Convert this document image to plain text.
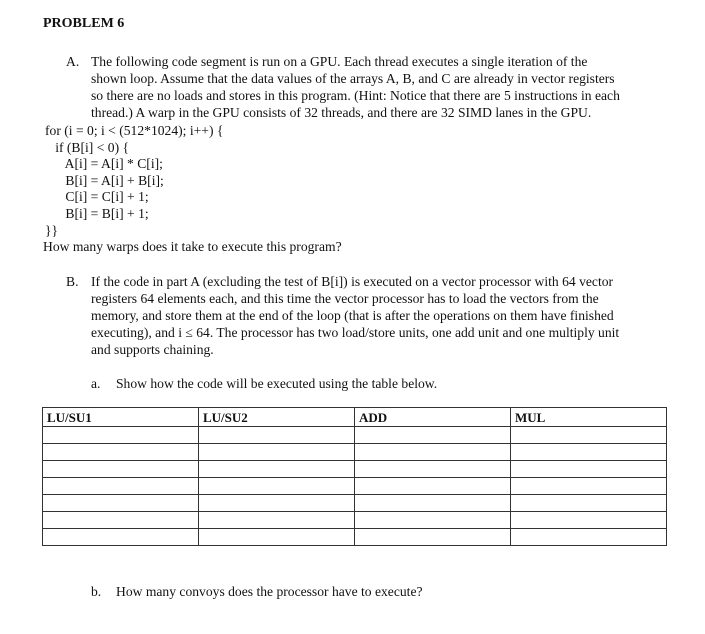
PROBLEM 6
A. The following code segment is run on a GPU. Each thread executes a single iteration of the
shown loop. Assume that the data values of the arrays A, B, and C are already in vector registers
so there are no loads and stores in this program. (Hint: Notice that there are 5 instructions in each
thread.) A warp in the GPU consists of 32 threads, and there are 32 SIMD lanes in the GPU.
for (i = 0; i < (512*1024); i++) {
if (B[i] < 0) {
A[i] = A[i] * C[i];
B[i] = A[i] + B[i];
C[i] = C[i] + 1;
B[i] = B[i] + 1;
}}
How many warps does it take to execute this program?
B. If the code in part A (excluding the test of B[i]) is executed on a vector processor with 64 vector
registers 64 elements each, and this time the vector processor has to load the vectors from the
memory, and store them at the end of the loop (that is after the operations on them have finished
executing), and i ≤ 64. The processor has two load/store units, one add unit and one multiply unit
and supports chaining.
a. Show how the code will be executed using the table below.
LU/SU1	LU/SU2	ADD	MUL

b. How many convoys does the processor have to execute?
